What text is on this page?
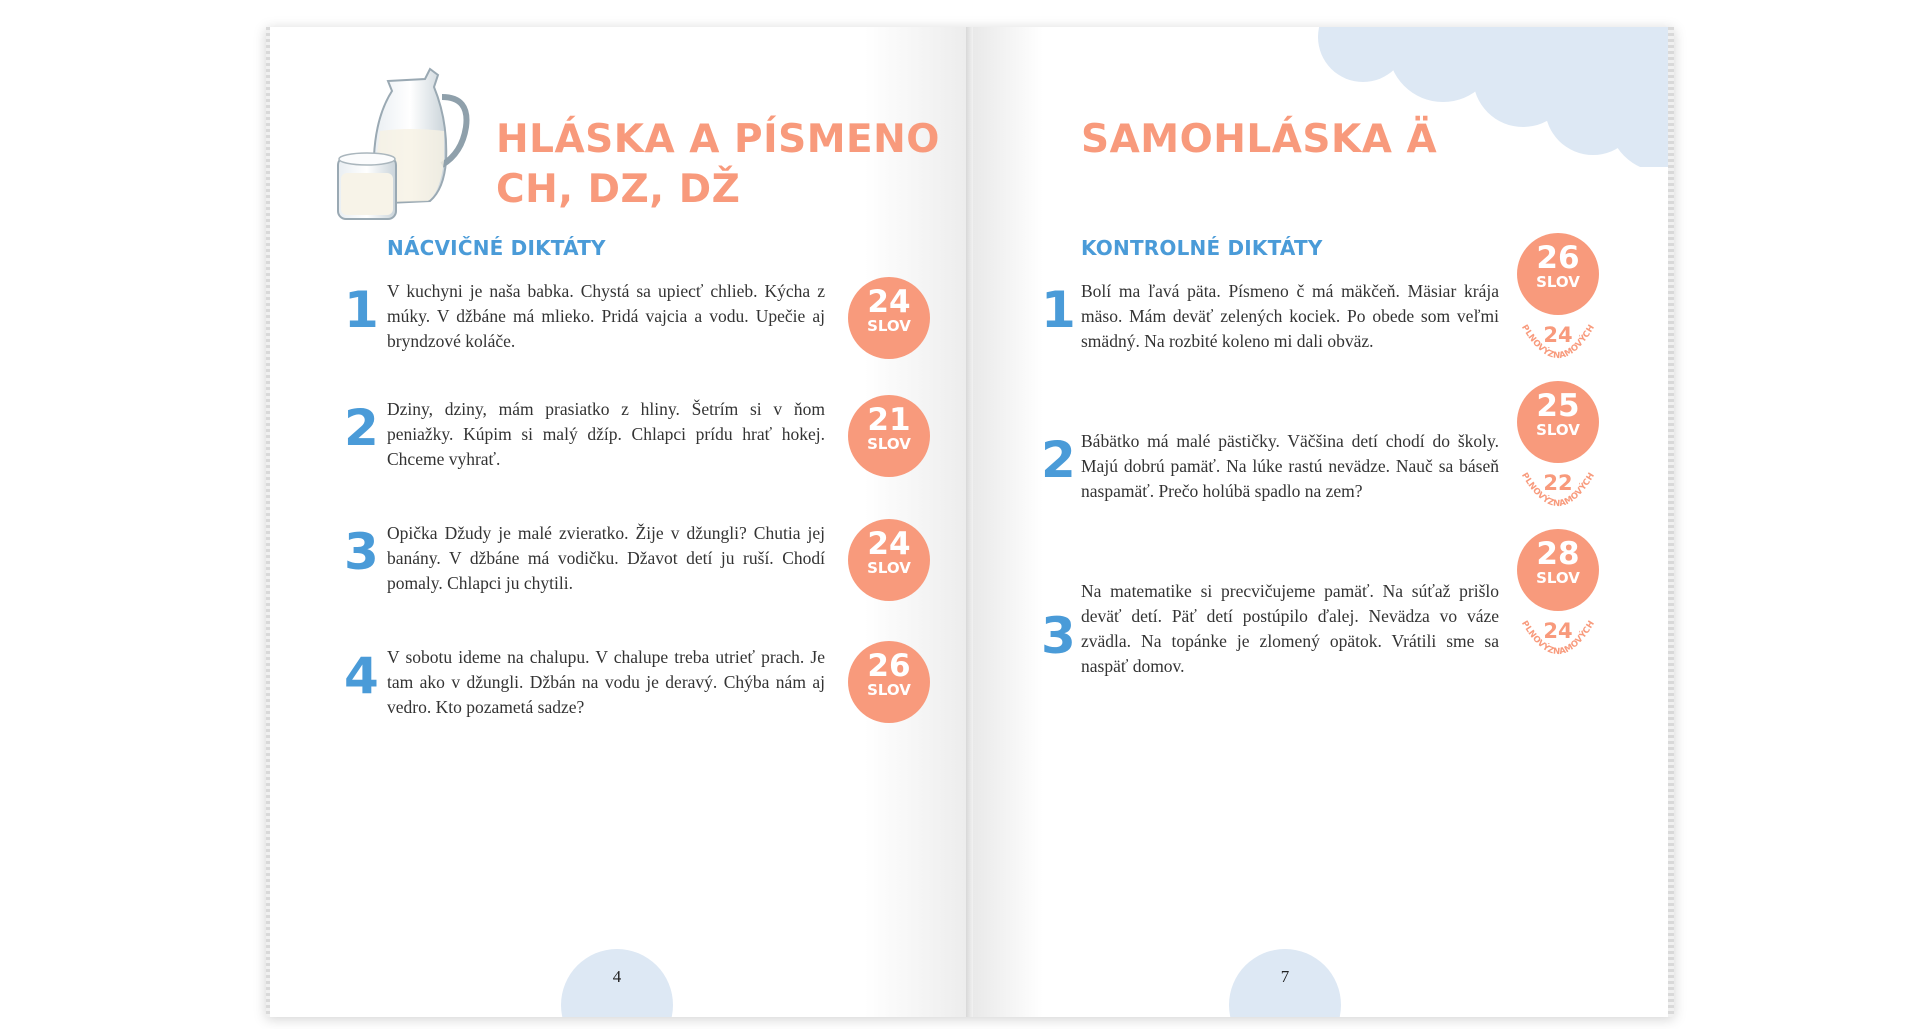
HLÁSKA A PÍSMENO
CH, DZ, DŽ
NÁCVIČNÉ DIKTÁTY
1 V kuchyni je naša babka. Chystá sa upiecť chlieb. Kýcha z múky. V džbáne má mlieko. Pridá vajcia a vodu. Upečie aj bryndzové koláče.
24
SLOV
2 Dziny, dziny, mám prasiatko z hliny. Šetrím si v ňom peniažky. Kúpim si malý džíp. Chlapci prídu hrať hokej. Chceme vyhrať.
21
SLOV
3 Opička Džudy je malé zvieratko. Žije v džungli? Chutia jej banány. V džbáne má vodičku. Džavot detí ju ruší. Chodí pomaly. Chlapci ju chytili.
24
SLOV
4 V sobotu ideme na chalupu. V chalupe treba utrieť prach. Je tam ako v džungli. Džbán na vodu je deravý. Chýba nám aj vedro. Kto pozametá sadze?
26
SLOV
4
SAMOHLÁSKA Ä
KONTROLNÉ DIKTÁTY
1 Bolí ma ľavá päta. Písmeno č má mäkčeň. Mäsiar krája mäso. Mám deväť zelených kociek. Po obede som veľmi smädný. Na rozbité koleno mi dali obväz.
26
SLOV
24
PLNOVÝZNAMOVÝCH
2 Bábätko má malé pästičky. Väčšina detí chodí do školy. Majú dobrú pamäť. Na lúke rastú nevädze. Nauč sa báseň naspamäť. Prečo holúbä spadlo na zem?
25
SLOV
22
PLNOVÝZNAMOVÝCH
3
Na matematike si precvičujeme pamäť. Na súťaž prišlo deväť detí. Päť detí postúpilo ďalej. Nevädza vo váze zvädla. Na topánke je zlomený opätok. Vrátili sme sa naspäť domov.
28
SLOV
24
PLNOVÝZNAMOVÝCH
7
